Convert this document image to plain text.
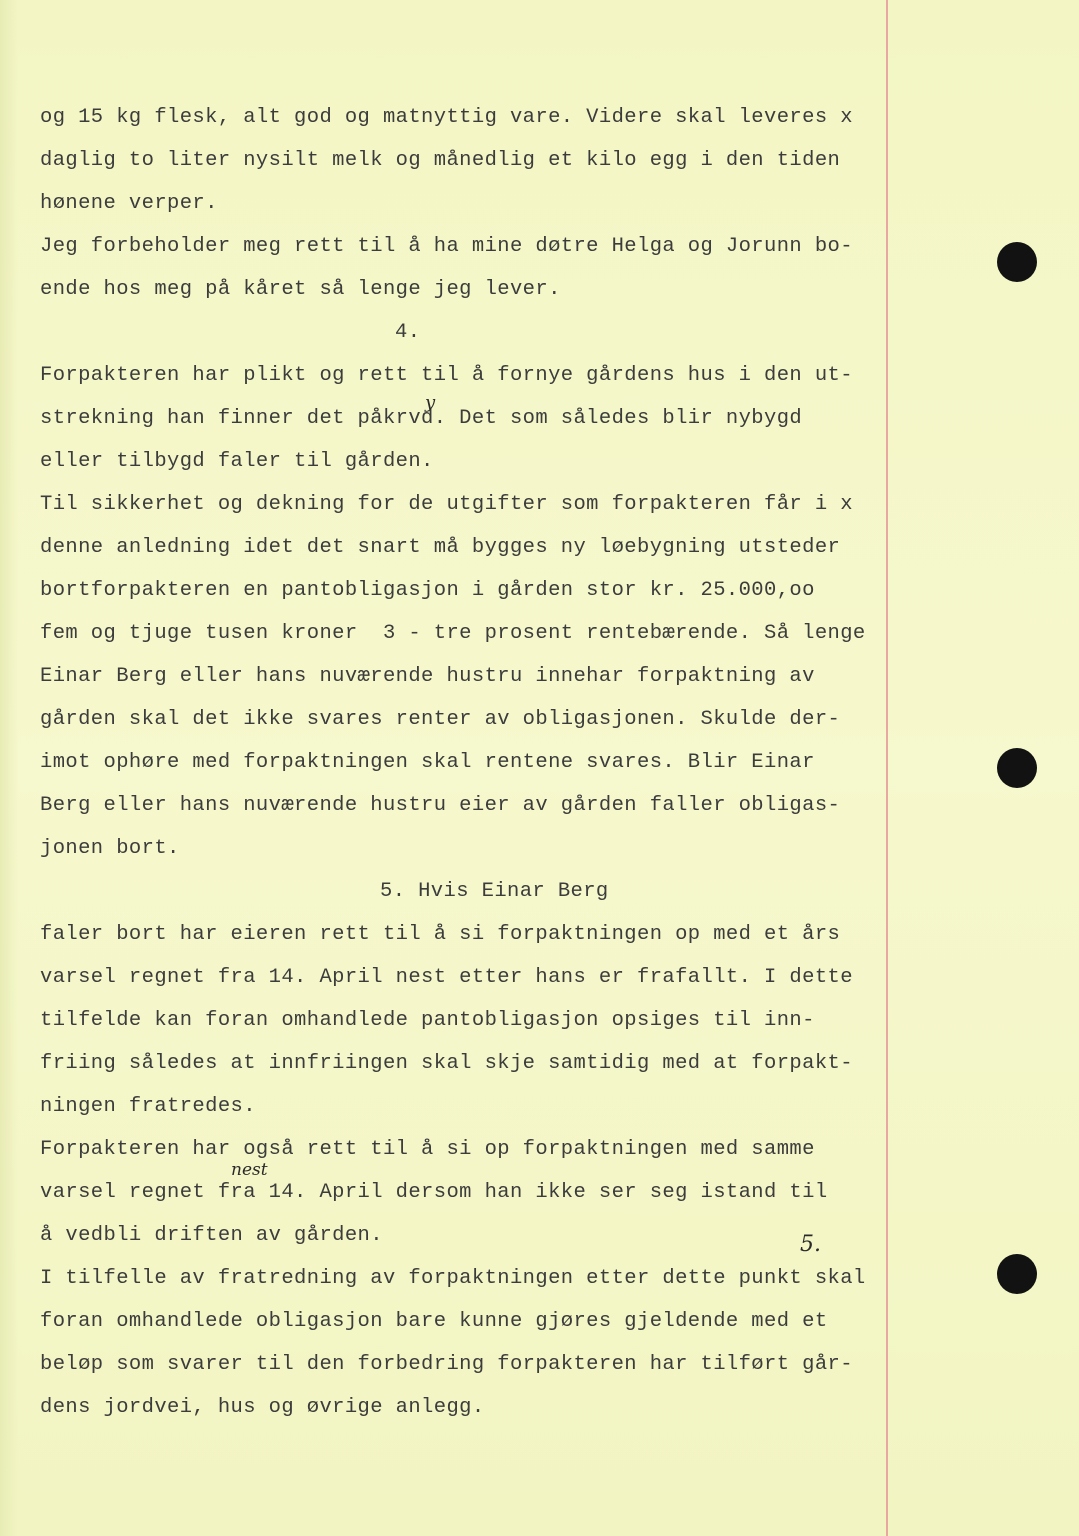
og 15 kg flesk, alt god og matnyttig vare. Videre skal leveres x
daglig to liter nysilt melk og månedlig et kilo egg i den tiden
hønene verper.
Jeg forbeholder meg rett til å ha mine døtre Helga og Jorunn bo-
ende hos meg på kåret så lenge jeg lever.
4.
Forpakteren har plikt og rett til å fornye gårdens hus i den ut-
strekning han finner det påkrvd. Det som således blir nybygd
eller tilbygd faler til gården.
Til sikkerhet og dekning for de utgifter som forpakteren får i x
denne anledning idet det snart må bygges ny løebygning utsteder
bortforpakteren en pantobligasjon i gården stor kr. 25.000,oo
fem og tjuge tusen kroner  3 - tre prosent rentebærende. Så lenge
Einar Berg eller hans nuværende hustru innehar forpaktning av
gården skal det ikke svares renter av obligasjonen. Skulde der-
imot ophøre med forpaktningen skal rentene svares. Blir Einar
Berg eller hans nuværende hustru eier av gården faller obligas-
jonen bort.
5. Hvis Einar Berg
faler bort har eieren rett til å si forpaktningen op med et års
varsel regnet fra 14. April nest etter hans er frafallt. I dette
tilfelde kan foran omhandlede pantobligasjon opsiges til inn-
friing således at innfriingen skal skje samtidig med at forpakt-
ningen fratredes.
Forpakteren har også rett til å si op forpaktningen med samme
varsel regnet fra 14. April dersom han ikke ser seg istand til
å vedbli driften av gården.
I tilfelle av fratredning av forpaktningen etter dette punkt skal
foran omhandlede obligasjon bare kunne gjøres gjeldende med et
beløp som svarer til den forbedring forpakteren har tilført går-
dens jordvei, hus og øvrige anlegg.
y
nest
5.
